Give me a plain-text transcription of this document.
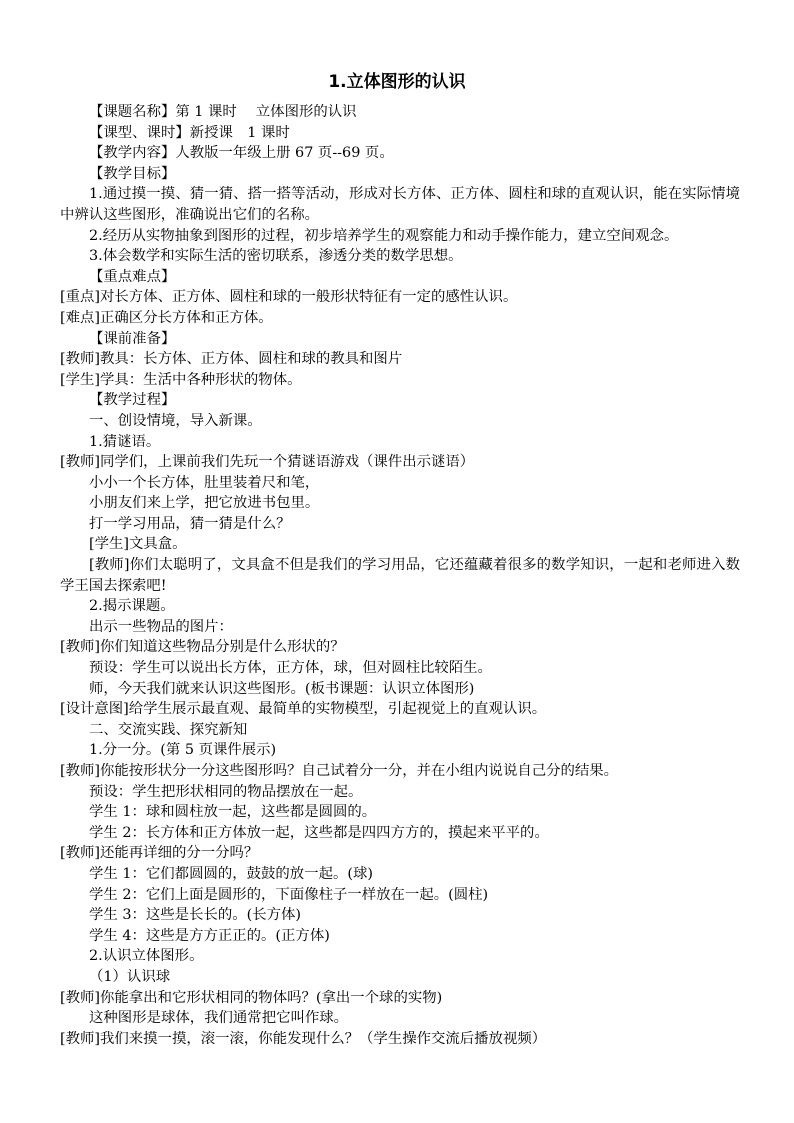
1.立体图形的认识
【课题名称】第 1 课时　 立体图形的认识
【课型、课时】新授课　1 课时
【教学内容】人教版一年级上册 67 页--69 页。
【教学目标】
1.通过摸一摸、猜一猜、搭一搭等活动，形成对长方体、正方体、圆柱和球的直观认识，能在实际情境中辨认这些图形，准确说出它们的名称。
2.经历从实物抽象到图形的过程，初步培养学生的观察能力和动手操作能力，建立空间观念。
3.体会数学和实际生活的密切联系，渗透分类的数学思想。
【重点难点】
[重点]对长方体、正方体、圆柱和球的一般形状特征有一定的感性认识。
[难点]正确区分长方体和正方体。
【课前准备】
[教师]教具：长方体、正方体、圆柱和球的教具和图片
[学生]学具：生活中各种形状的物体。
【教学过程】
一、创设情境，导入新课。
1.猜谜语。
[教师]同学们，上课前我们先玩一个猜谜语游戏（课件出示谜语）
小小一个长方体，肚里装着尺和笔，
小朋友们来上学，把它放进书包里。
打一学习用品，猜一猜是什么？
[学生]文具盒。
[教师]你们太聪明了，文具盒不但是我们的学习用品，它还蕴藏着很多的数学知识，一起和老师进入数学王国去探索吧!
2.揭示课题。
出示一些物品的图片：
[教师]你们知道这些物品分别是什么形状的？
预设：学生可以说出长方体，正方体，球，但对圆柱比较陌生。
师，今天我们就来认识这些图形。(板书课题：认识立体图形)
[设计意图]给学生展示最直观、最简单的实物模型，引起视觉上的直观认识。
二、交流实践、探究新知
1.分一分。(第 5 页课件展示)
[教师]你能按形状分一分这些图形吗？自己试着分一分，并在小组内说说自己分的结果。
预设：学生把形状相同的物品摆放在一起。
学生 1：球和圆柱放一起，这些都是圆圆的。
学生 2：长方体和正方体放一起，这些都是四四方方的，摸起来平平的。
[教师]还能再详细的分一分吗？
学生 1：它们都圆圆的，鼓鼓的放一起。(球)
学生 2：它们上面是圆形的，下面像柱子一样放在一起。(圆柱)
学生 3：这些是长长的。(长方体)
学生 4：这些是方方正正的。(正方体)
2.认识立体图形。
（1）认识球
[教师]你能拿出和它形状相同的物体吗？(拿出一个球的实物)
这种图形是球体，我们通常把它叫作球。
[教师]我们来摸一摸，滚一滚，你能发现什么？（学生操作交流后播放视频）
